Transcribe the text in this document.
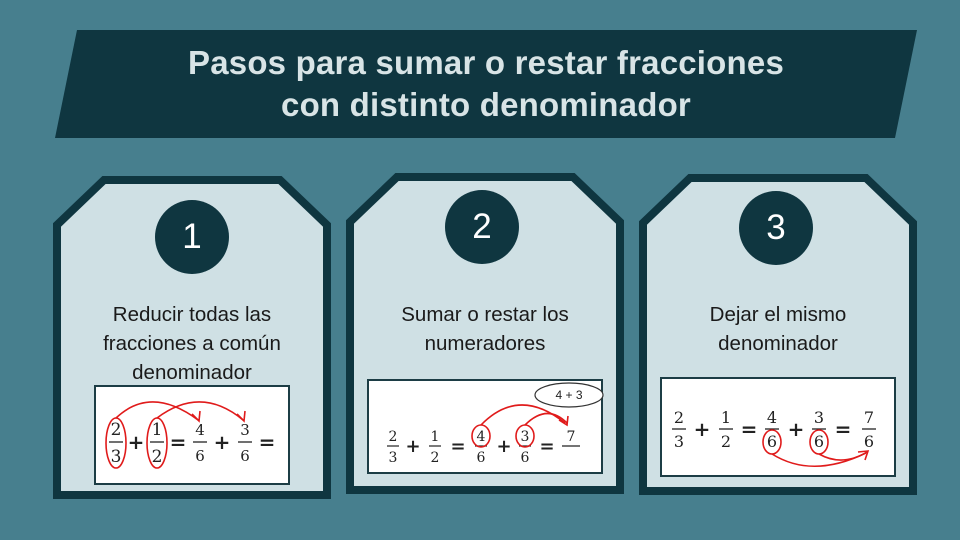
Pasos para sumar o restar fracciones
con distinto denominador
1
Reducir todas las
fracciones a común
denominador
2
3
+ 1
2
= 4
6
+ 3
6
=
2
Sumar o restar los
numeradores
2
3
+ 1
2
= 4
6
+ 3
6
= 7
4 + 3
3
Dejar el mismo
denominador
2
3
+ 1
2
= 4
6
+ 3
6
= 7
6
